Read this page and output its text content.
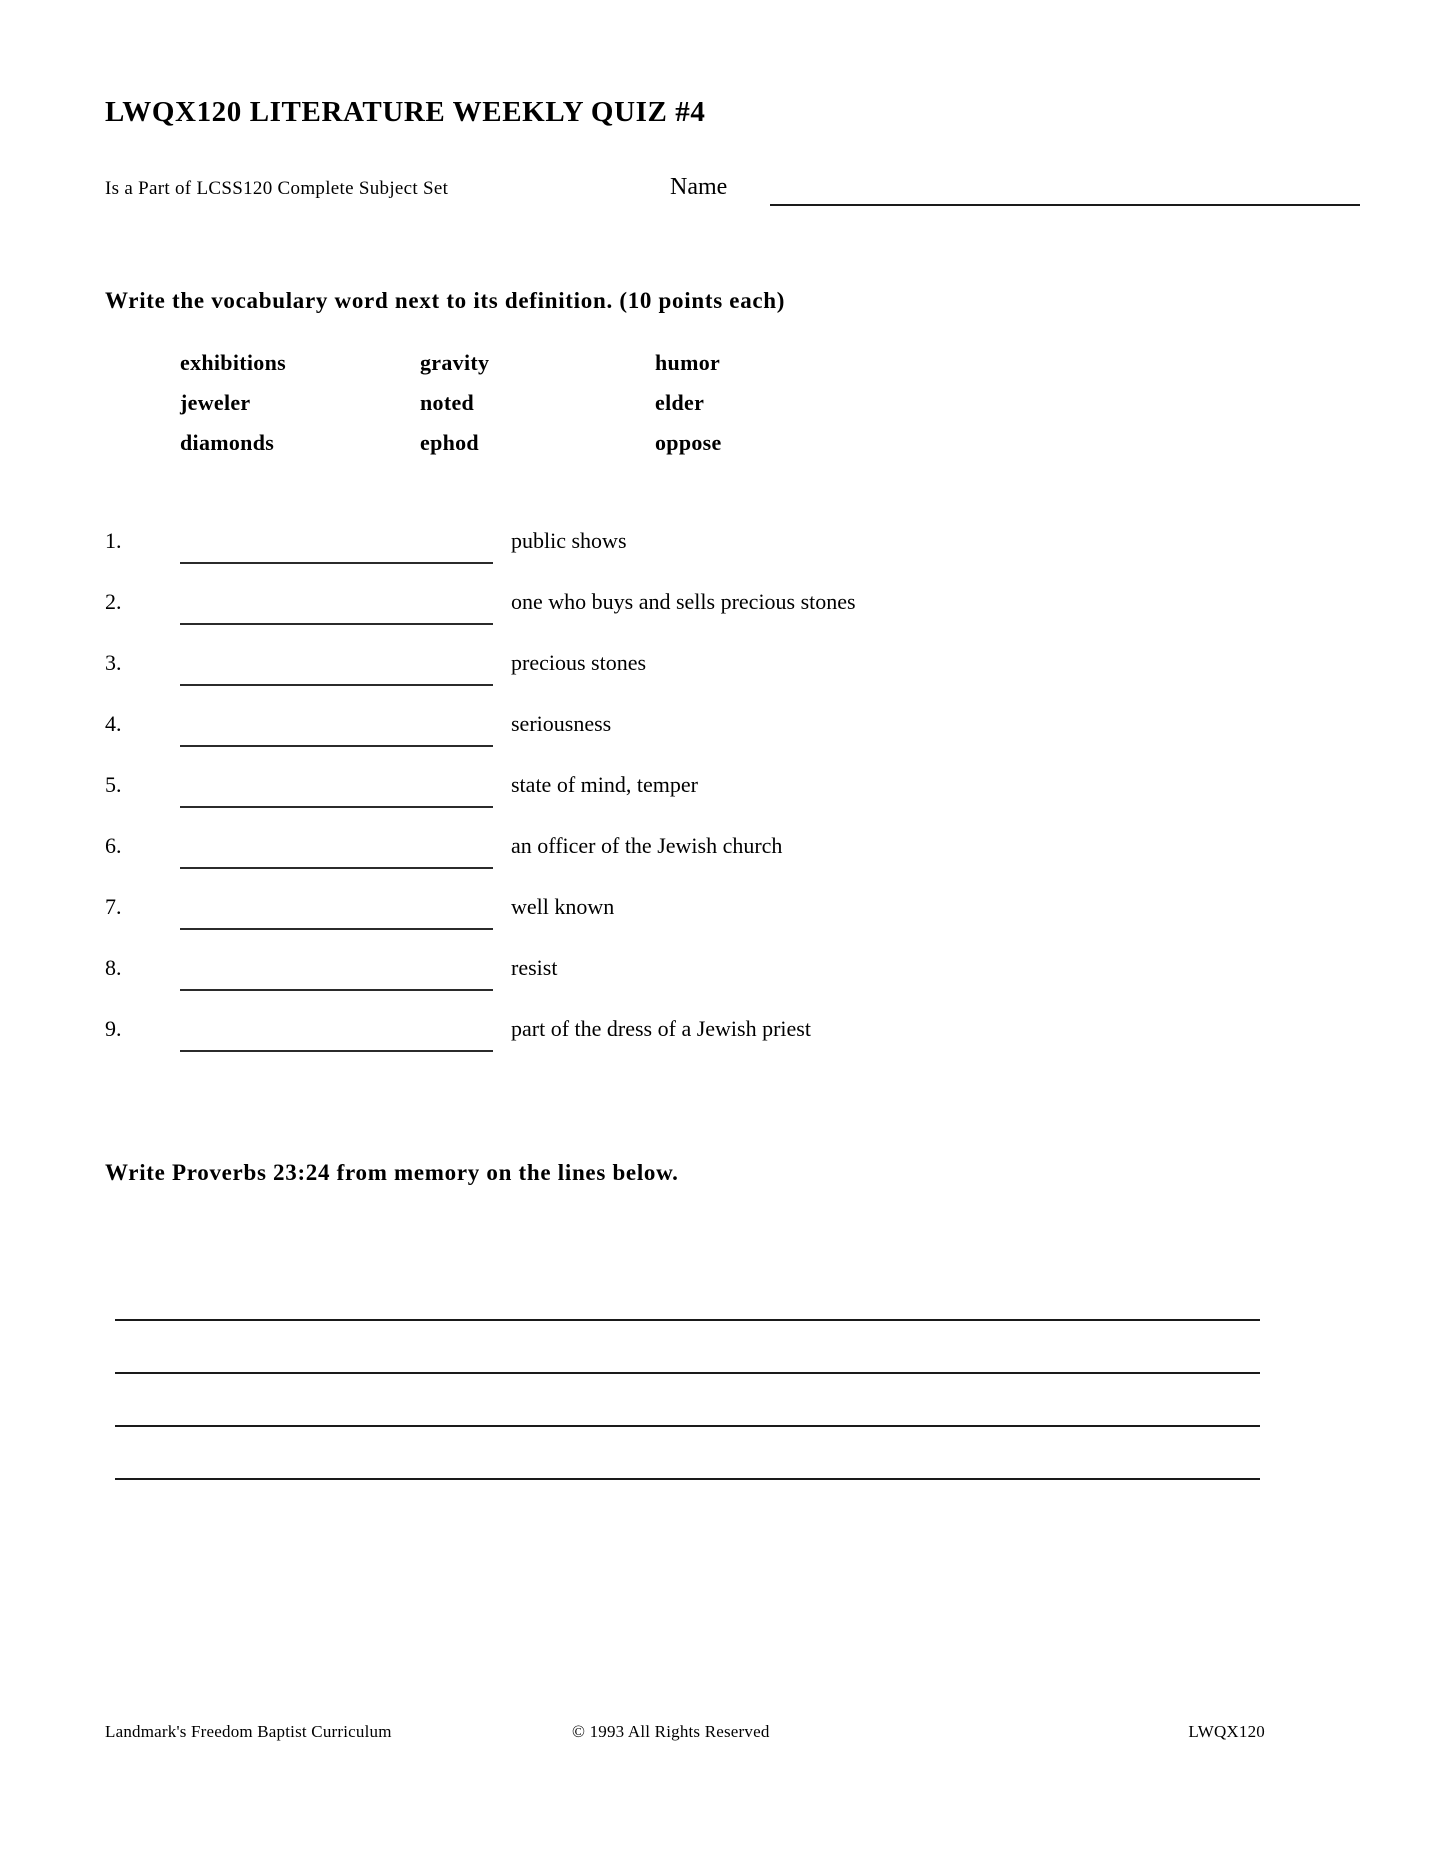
LWQX120 LITERATURE WEEKLY QUIZ #4
Is a Part of LCSS120 Complete Subject Set	Name
Write the vocabulary word next to its definition. (10 points each)
exhibitions	gravity	humor
jeweler	noted	elder
diamonds	ephod	oppose
1.	public shows
2.	one who buys and sells precious stones
3.	precious stones
4.	seriousness
5.	state of mind, temper
6.	an officer of the Jewish church
7.	well known
8.	resist
9.	part of the dress of a Jewish priest
Write Proverbs 23:24 from memory on the lines below.
Landmark's Freedom Baptist Curriculum	© 1993 All Rights Reserved	LWQX120
